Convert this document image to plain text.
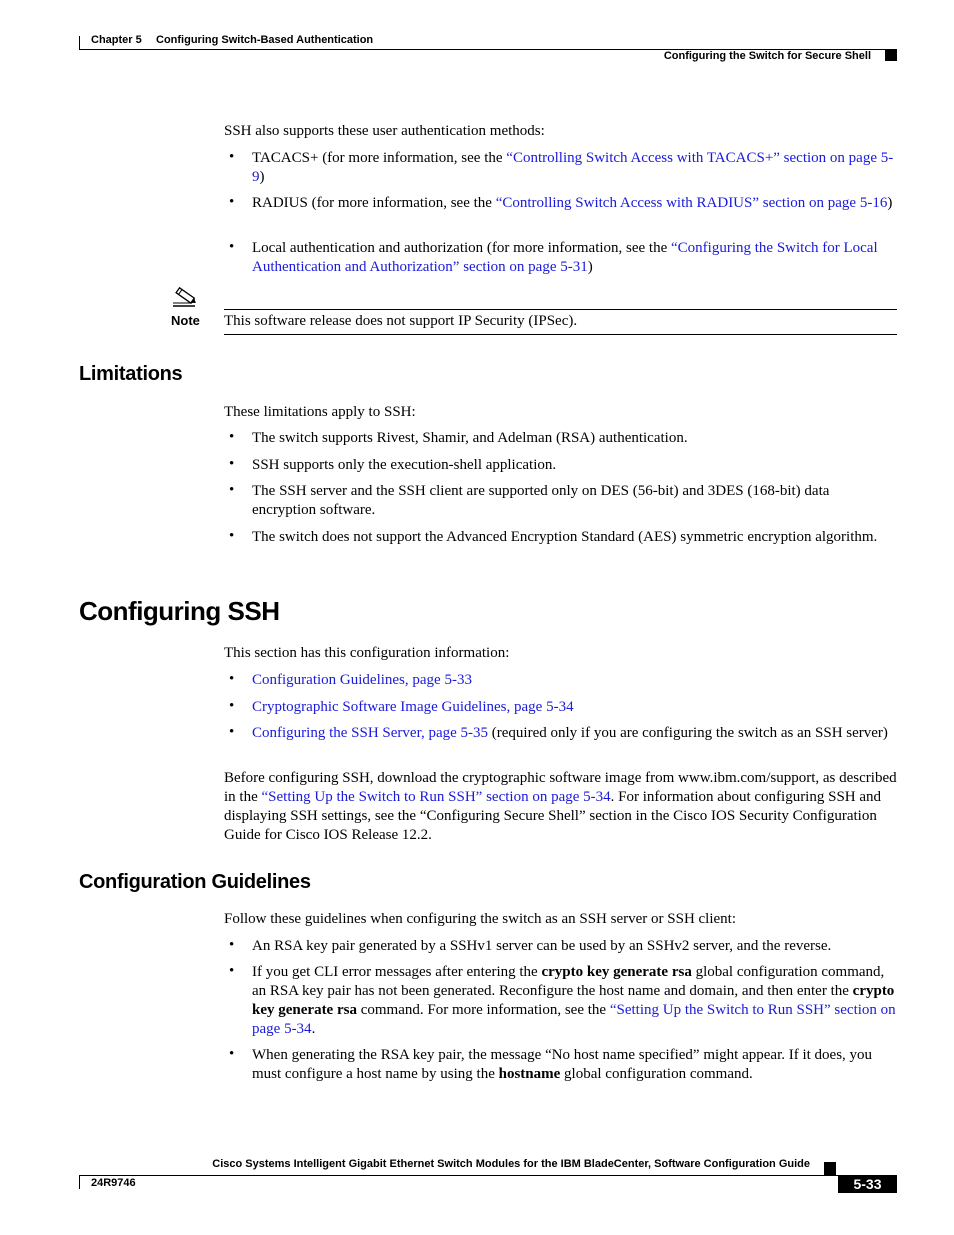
Chapter 5 Configuring Switch-Based Authentication
Configuring the Switch for Secure Shell
SSH also supports these user authentication methods:
• TACACS+ (for more information, see the “Controlling Switch Access with TACACS+” section on page 5-9)
• RADIUS (for more information, see the “Controlling Switch Access with RADIUS” section on page 5-16)
• Local authentication and authorization (for more information, see the “Configuring the Switch for Local Authentication and Authorization” section on page 5-31)
Note This software release does not support IP Security (IPSec).
Limitations
These limitations apply to SSH:
• The switch supports Rivest, Shamir, and Adelman (RSA) authentication.
• SSH supports only the execution-shell application.
• The SSH server and the SSH client are supported only on DES (56-bit) and 3DES (168-bit) data encryption software.
• The switch does not support the Advanced Encryption Standard (AES) symmetric encryption algorithm.
Configuring SSH
This section has this configuration information:
• Configuration Guidelines, page 5-33
• Cryptographic Software Image Guidelines, page 5-34
• Configuring the SSH Server, page 5-35 (required only if you are configuring the switch as an SSH server)
Before configuring SSH, download the cryptographic software image from www.ibm.com/support, as described in the “Setting Up the Switch to Run SSH” section on page 5-34. For information about configuring SSH and displaying SSH settings, see the “Configuring Secure Shell” section in the Cisco IOS Security Configuration Guide for Cisco IOS Release 12.2.
Configuration Guidelines
Follow these guidelines when configuring the switch as an SSH server or SSH client:
• An RSA key pair generated by a SSHv1 server can be used by an SSHv2 server, and the reverse.
• If you get CLI error messages after entering the crypto key generate rsa global configuration command, an RSA key pair has not been generated. Reconfigure the host name and domain, and then enter the crypto key generate rsa command. For more information, see the “Setting Up the Switch to Run SSH” section on page 5-34.
• When generating the RSA key pair, the message “No host name specified” might appear. If it does, you must configure a host name by using the hostname global configuration command.
Cisco Systems Intelligent Gigabit Ethernet Switch Modules for the IBM BladeCenter, Software Configuration Guide
24R9746	5-33
